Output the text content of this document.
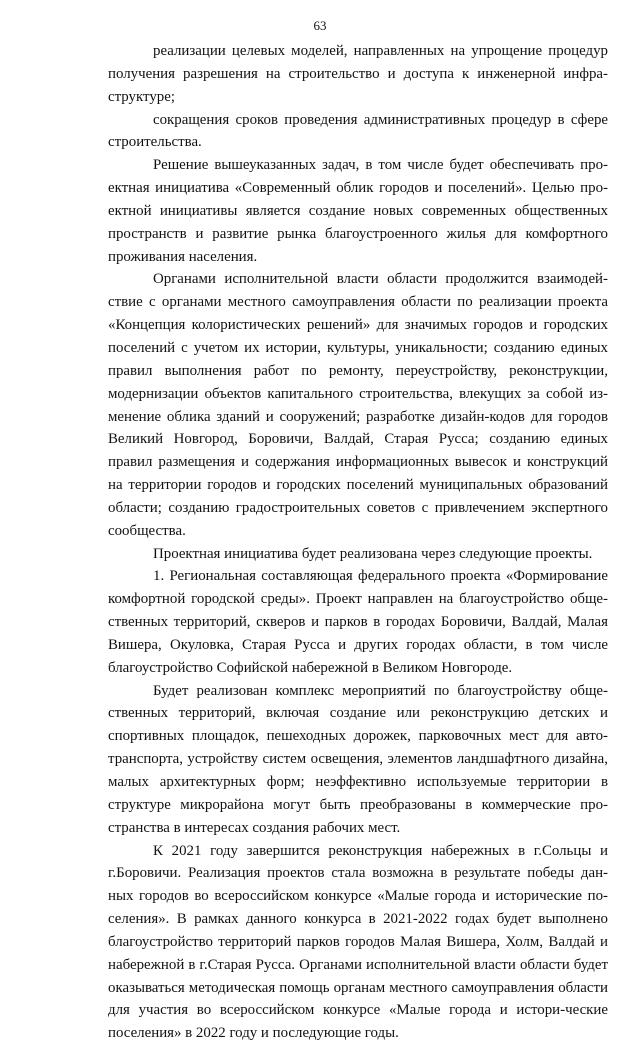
63

реализации целевых моделей, направленных на упрощение процедур получения разрешения на строительство и доступа к инженерной инфра-структуре;

сокращения сроков проведения административных процедур в сфере строительства.

Решение вышеуказанных задач, в том числе будет обеспечивать про-ектная инициатива «Современный облик городов и поселений». Целью про-ектной инициативы является создание новых современных общественных пространств и развитие рынка благоустроенного жилья для комфортного проживания населения.

Органами исполнительной власти области продолжится взаимодей-ствие с органами местного самоуправления области по реализации проекта «Концепция колористических решений» для значимых городов и городских поселений с учетом их истории, культуры, уникальности; созданию единых правил выполнения работ по ремонту, переустройству, реконструкции, модернизации объектов капитального строительства, влекущих за собой из-менение облика зданий и сооружений; разработке дизайн-кодов для городов Великий Новгород, Боровичи, Валдай, Старая Русса; созданию единых правил размещения и содержания информационных вывесок и конструкций на территории городов и городских поселений муниципальных образований области; созданию градостроительных советов с привлечением экспертного сообщества.

Проектная инициатива будет реализована через следующие проекты.

1. Региональная составляющая федерального проекта «Формирование комфортной городской среды». Проект направлен на благоустройство обще-ственных территорий, скверов и парков в городах Боровичи, Валдай, Малая Вишера, Окуловка, Старая Русса и других городах области, в том числе благоустройство Софийской набережной в Великом Новгороде.

Будет реализован комплекс мероприятий по благоустройству обще-ственных территорий, включая создание или реконструкцию детских и спортивных площадок, пешеходных дорожек, парковочных мест для авто-транспорта, устройству систем освещения, элементов ландшафтного дизайна, малых архитектурных форм; неэффективно используемые территории в структуре микрорайона могут быть преобразованы в коммерческие про-странства в интересах создания рабочих мест.

К 2021 году завершится реконструкция набережных в г.Сольцы и г.Боровичи. Реализация проектов стала возможна в результате победы дан-ных городов во всероссийском конкурсе «Малые города и исторические по-селения». В рамках данного конкурса в 2021-2022 годах будет выполнено благоустройство территорий парков городов Малая Вишера, Холм, Валдай и набережной в г.Старая Русса. Органами исполнительной власти области будет оказываться методическая помощь органам местного самоуправления области для участия во всероссийском конкурсе «Малые города и истори-ческие поселения» в 2022 году и последующие годы.
